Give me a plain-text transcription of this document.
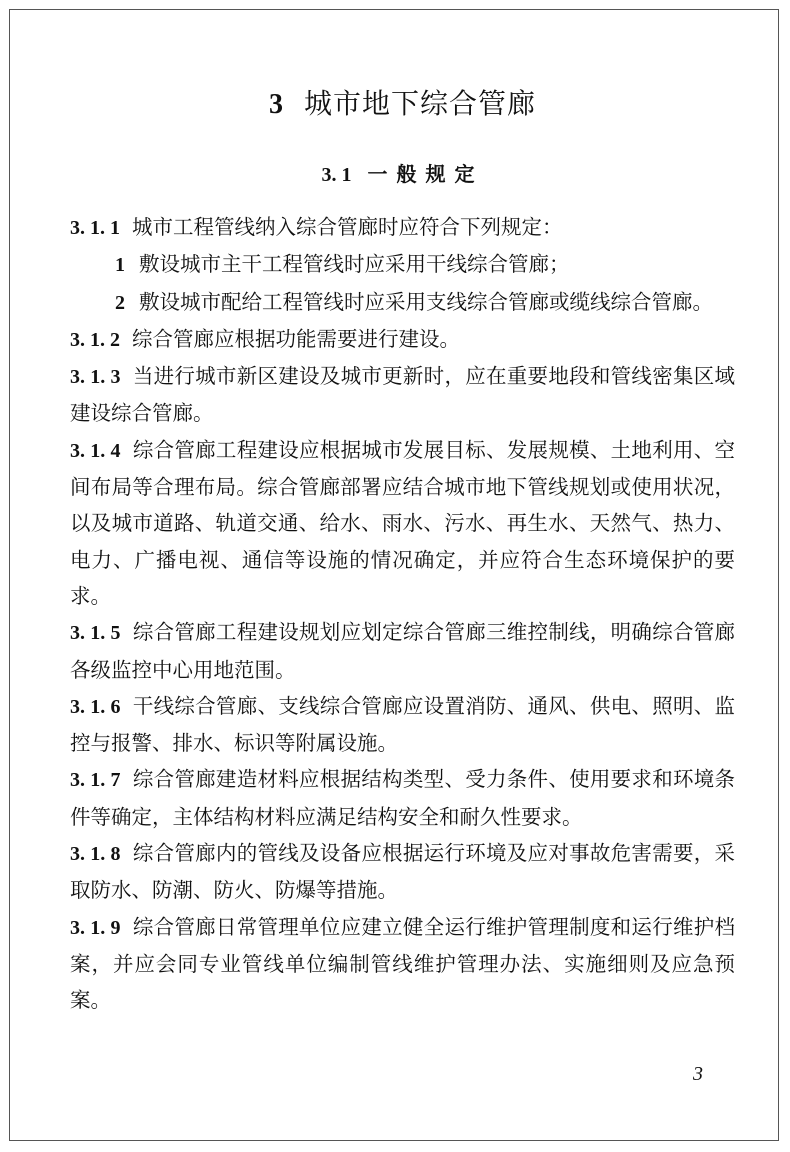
3 城市地下综合管廊
3. 1 一般规定

3. 1. 1 城市工程管线纳入综合管廊时应符合下列规定：

1 敷设城市主干工程管线时应采用干线综合管廊；

2 敷设城市配给工程管线时应采用支线综合管廊或缆线综合管廊。

3. 1. 2 综合管廊应根据功能需要进行建设。

3. 1. 3 当进行城市新区建设及城市更新时，应在重要地段和管线密集区域建设综合管廊。

3. 1. 4 综合管廊工程建设应根据城市发展目标、发展规模、土地利用、空间布局等合理布局。综合管廊部署应结合城市地下管线规划或使用状况，以及城市道路、轨道交通、给水、雨水、污水、再生水、天然气、热力、电力、广播电视、通信等设施的情况确定，并应符合生态环境保护的要求。

3. 1. 5 综合管廊工程建设规划应划定综合管廊三维控制线，明确综合管廊各级监控中心用地范围。

3. 1. 6 干线综合管廊、支线综合管廊应设置消防、通风、供电、照明、监控与报警、排水、标识等附属设施。

3. 1. 7 综合管廊建造材料应根据结构类型、受力条件、使用要求和环境条件等确定，主体结构材料应满足结构安全和耐久性要求。

3. 1. 8 综合管廊内的管线及设备应根据运行环境及应对事故危害需要，采取防水、防潮、防火、防爆等措施。

3. 1. 9 综合管廊日常管理单位应建立健全运行维护管理制度和运行维护档案，并应会同专业管线单位编制管线维护管理办法、实施细则及应急预案。

3
